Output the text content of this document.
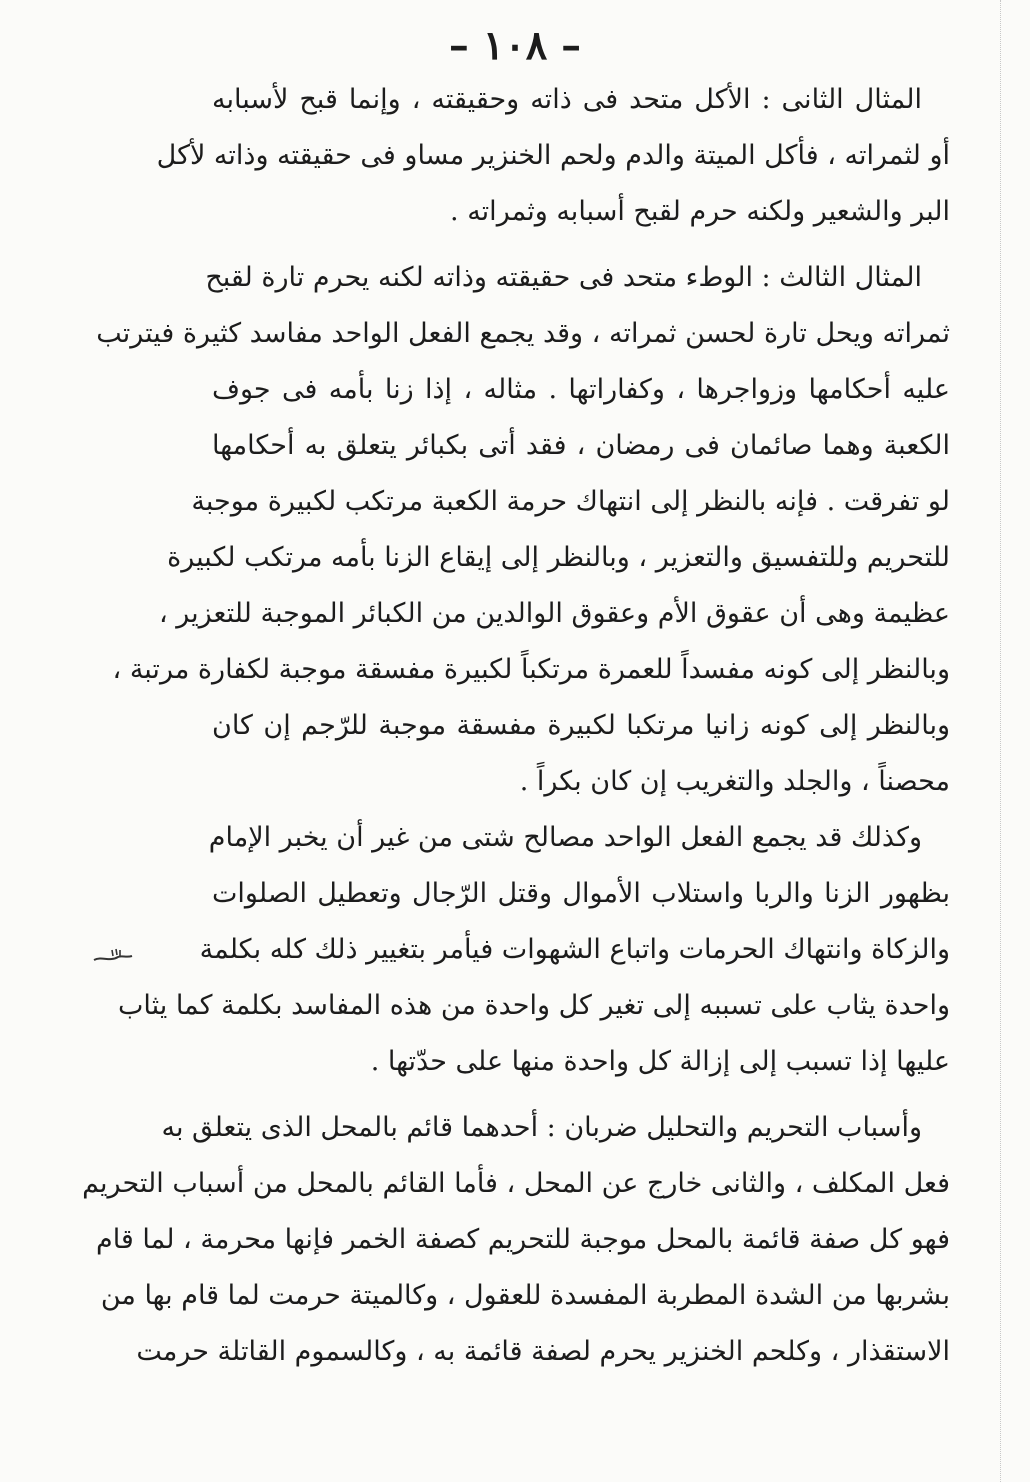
– ١٠٨ –
المثال الثانى : الأكل متحد فى ذاته وحقيقته ، وإنما قبح لأسبابه
أو لثمراته ، فأكل الميتة والدم ولحم الخنزير مساو فى حقيقته وذاته لأكل
البر والشعير ولكنه حرم لقبح أسبابه وثمراته .
المثال الثالث : الوطء متحد فى حقيقته وذاته لكنه يحرم تارة لقبح
ثمراته ويحل تارة لحسن ثمراته ، وقد يجمع الفعل الواحد مفاسد كثيرة فيترتب
عليه أحكامها وزواجرها ، وكفاراتها . مثاله ، إذا زنا بأمه فى جوف
الكعبة وهما صائمان فى رمضان ، فقد أتى بكبائر يتعلق به أحكامها
لو تفرقت . فإنه بالنظر إلى انتهاك حرمة الكعبة مرتكب لكبيرة موجبة
للتحريم وللتفسيق والتعزير ، وبالنظر إلى إيقاع الزنا بأمه مرتكب لكبيرة
عظيمة وهى أن عقوق الأم وعقوق الوالدين من الكبائر الموجبة للتعزير ،
وبالنظر إلى كونه مفسداً للعمرة مرتكباً لكبيرة مفسقة موجبة لكفارة مرتبة ،
وبالنظر إلى كونه زانيا مرتكبا لكبيرة مفسقة موجبة للرّجم إن كان
محصناً ، والجلد والتغريب إن كان بكراً .
وكذلك قد يجمع الفعل الواحد مصالح شتى من غير أن يخبر الإمام
بظهور الزنا والربا واستلاب الأموال وقتل الرّجال وتعطيل الصلوات
والزكاة وانتهاك الحرمات واتباع الشهوات فيأمر بتغيير ذلك كله بكلمة
واحدة يثاب على تسببه إلى تغير كل واحدة من هذه المفاسد بكلمة كما يثاب
عليها إذا تسبب إلى إزالة كل واحدة منها على حدّتها .
وأسباب التحريم والتحليل ضربان : أحدهما قائم بالمحل الذى يتعلق به
فعل المكلف ، والثانى خارج عن المحل ، فأما القائم بالمحل من أسباب التحريم
فهو كل صفة قائمة بالمحل موجبة للتحريم كصفة الخمر فإنها محرمة ، لما قام
بشربها من الشدة المطربة المفسدة للعقول ، وكالميتة حرمت لما قام بها من
الاستقذار ، وكلحم الخنزير يحرم لصفة قائمة به ، وكالسموم القاتلة حرمت
